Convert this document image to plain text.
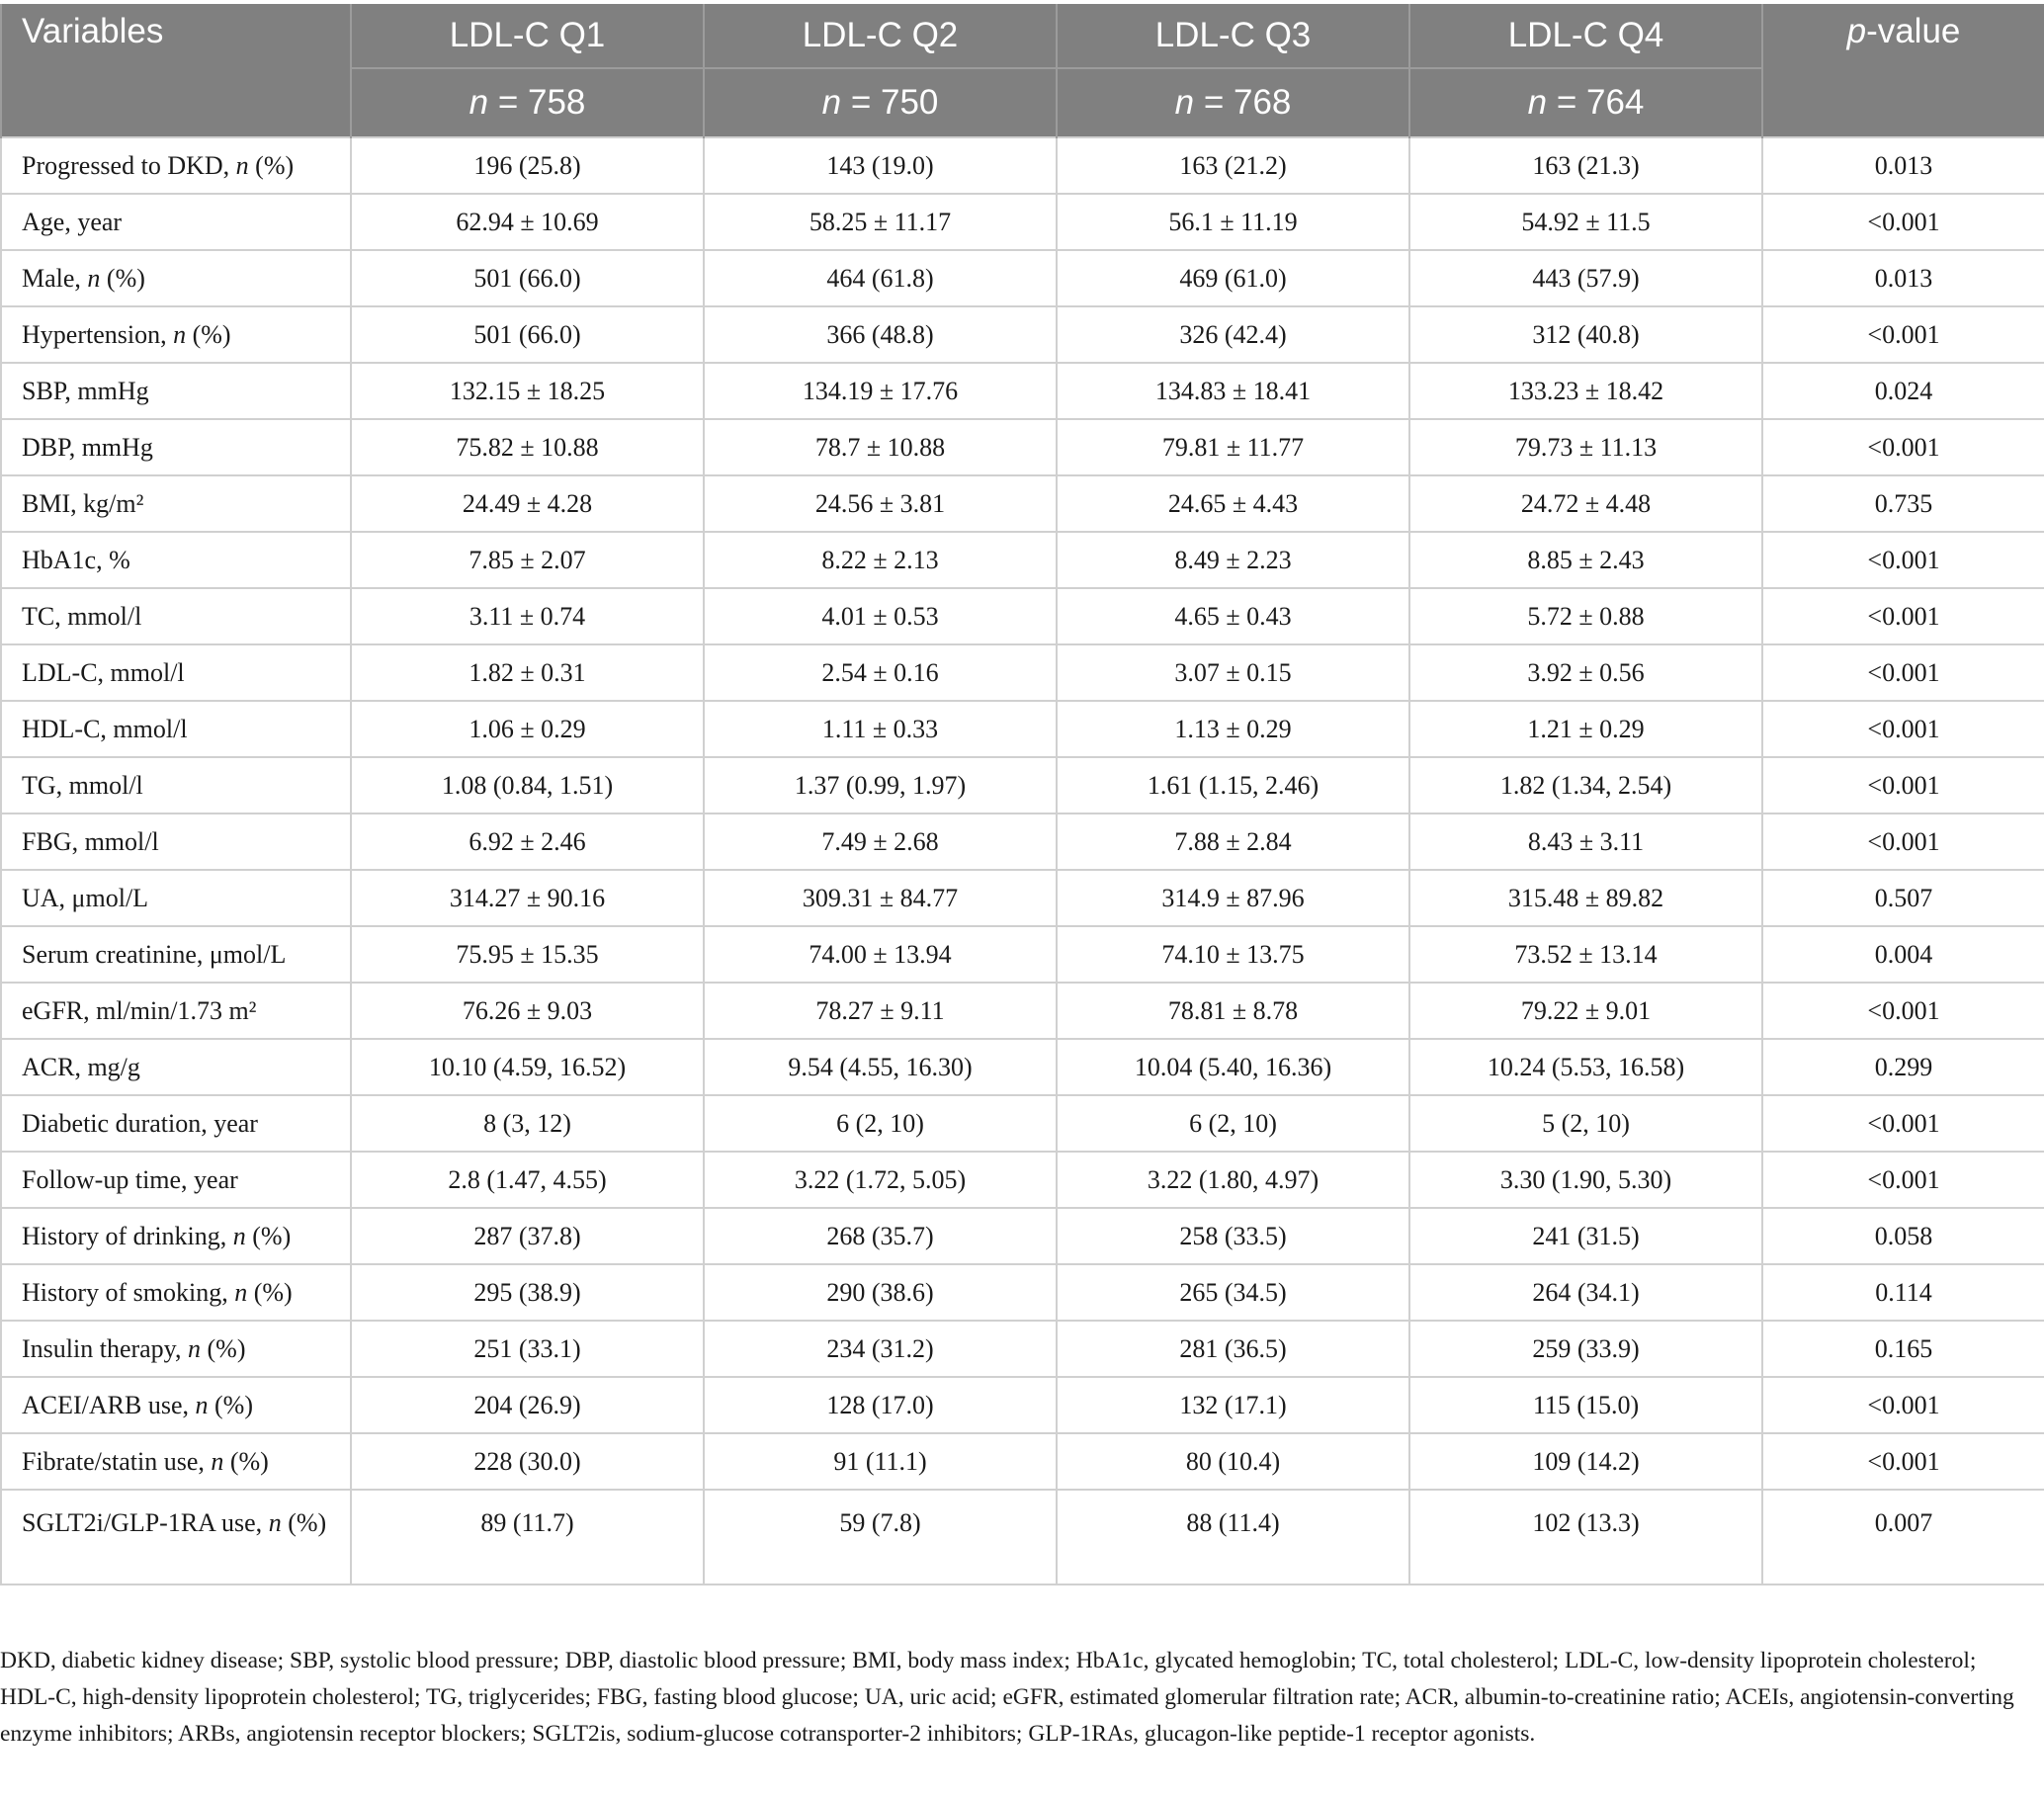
Variables	LDL-C Q1	LDL-C Q2	LDL-C Q3	LDL-C Q4	p-value
	n = 758	n = 750	n = 768	n = 764	
Progressed to DKD, n (%)	196 (25.8)	143 (19.0)	163 (21.2)	163 (21.3)	0.013
Age, year	62.94 ± 10.69	58.25 ± 11.17	56.1 ± 11.19	54.92 ± 11.5	<0.001
Male, n (%)	501 (66.0)	464 (61.8)	469 (61.0)	443 (57.9)	0.013
Hypertension, n (%)	501 (66.0)	366 (48.8)	326 (42.4)	312 (40.8)	<0.001
SBP, mmHg	132.15 ± 18.25	134.19 ± 17.76	134.83 ± 18.41	133.23 ± 18.42	0.024
DBP, mmHg	75.82 ± 10.88	78.7 ± 10.88	79.81 ± 11.77	79.73 ± 11.13	<0.001
BMI, kg/m²	24.49 ± 4.28	24.56 ± 3.81	24.65 ± 4.43	24.72 ± 4.48	0.735
HbA1c, %	7.85 ± 2.07	8.22 ± 2.13	8.49 ± 2.23	8.85 ± 2.43	<0.001
TC, mmol/l	3.11 ± 0.74	4.01 ± 0.53	4.65 ± 0.43	5.72 ± 0.88	<0.001
LDL-C, mmol/l	1.82 ± 0.31	2.54 ± 0.16	3.07 ± 0.15	3.92 ± 0.56	<0.001
HDL-C, mmol/l	1.06 ± 0.29	1.11 ± 0.33	1.13 ± 0.29	1.21 ± 0.29	<0.001
TG, mmol/l	1.08 (0.84, 1.51)	1.37 (0.99, 1.97)	1.61 (1.15, 2.46)	1.82 (1.34, 2.54)	<0.001
FBG, mmol/l	6.92 ± 2.46	7.49 ± 2.68	7.88 ± 2.84	8.43 ± 3.11	<0.001
UA, μmol/L	314.27 ± 90.16	309.31 ± 84.77	314.9 ± 87.96	315.48 ± 89.82	0.507
Serum creatinine, μmol/L	75.95 ± 15.35	74.00 ± 13.94	74.10 ± 13.75	73.52 ± 13.14	0.004
eGFR, ml/min/1.73 m²	76.26 ± 9.03	78.27 ± 9.11	78.81 ± 8.78	79.22 ± 9.01	<0.001
ACR, mg/g	10.10 (4.59, 16.52)	9.54 (4.55, 16.30)	10.04 (5.40, 16.36)	10.24 (5.53, 16.58)	0.299
Diabetic duration, year	8 (3, 12)	6 (2, 10)	6 (2, 10)	5 (2, 10)	<0.001
Follow-up time, year	2.8 (1.47, 4.55)	3.22 (1.72, 5.05)	3.22 (1.80, 4.97)	3.30 (1.90, 5.30)	<0.001
History of drinking, n (%)	287 (37.8)	268 (35.7)	258 (33.5)	241 (31.5)	0.058
History of smoking, n (%)	295 (38.9)	290 (38.6)	265 (34.5)	264 (34.1)	0.114
Insulin therapy, n (%)	251 (33.1)	234 (31.2)	281 (36.5)	259 (33.9)	0.165
ACEI/ARB use, n (%)	204 (26.9)	128 (17.0)	132 (17.1)	115 (15.0)	<0.001
Fibrate/statin use, n (%)	228 (30.0)	91 (11.1)	80 (10.4)	109 (14.2)	<0.001
SGLT2i/GLP-1RA use, n (%)	89 (11.7)	59 (7.8)	88 (11.4)	102 (13.3)	0.007
DKD, diabetic kidney disease; SBP, systolic blood pressure; DBP, diastolic blood pressure; BMI, body mass index; HbA1c, glycated hemoglobin; TC, total cholesterol; LDL-C, low-density lipoprotein cholesterol; HDL-C, high-density lipoprotein cholesterol; TG, triglycerides; FBG, fasting blood glucose; UA, uric acid; eGFR, estimated glomerular filtration rate; ACR, albumin-to-creatinine ratio; ACEIs, angiotensin-converting enzyme inhibitors; ARBs, angiotensin receptor blockers; SGLT2is, sodium-glucose cotransporter-2 inhibitors; GLP-1RAs, glucagon-like peptide-1 receptor agonists.
